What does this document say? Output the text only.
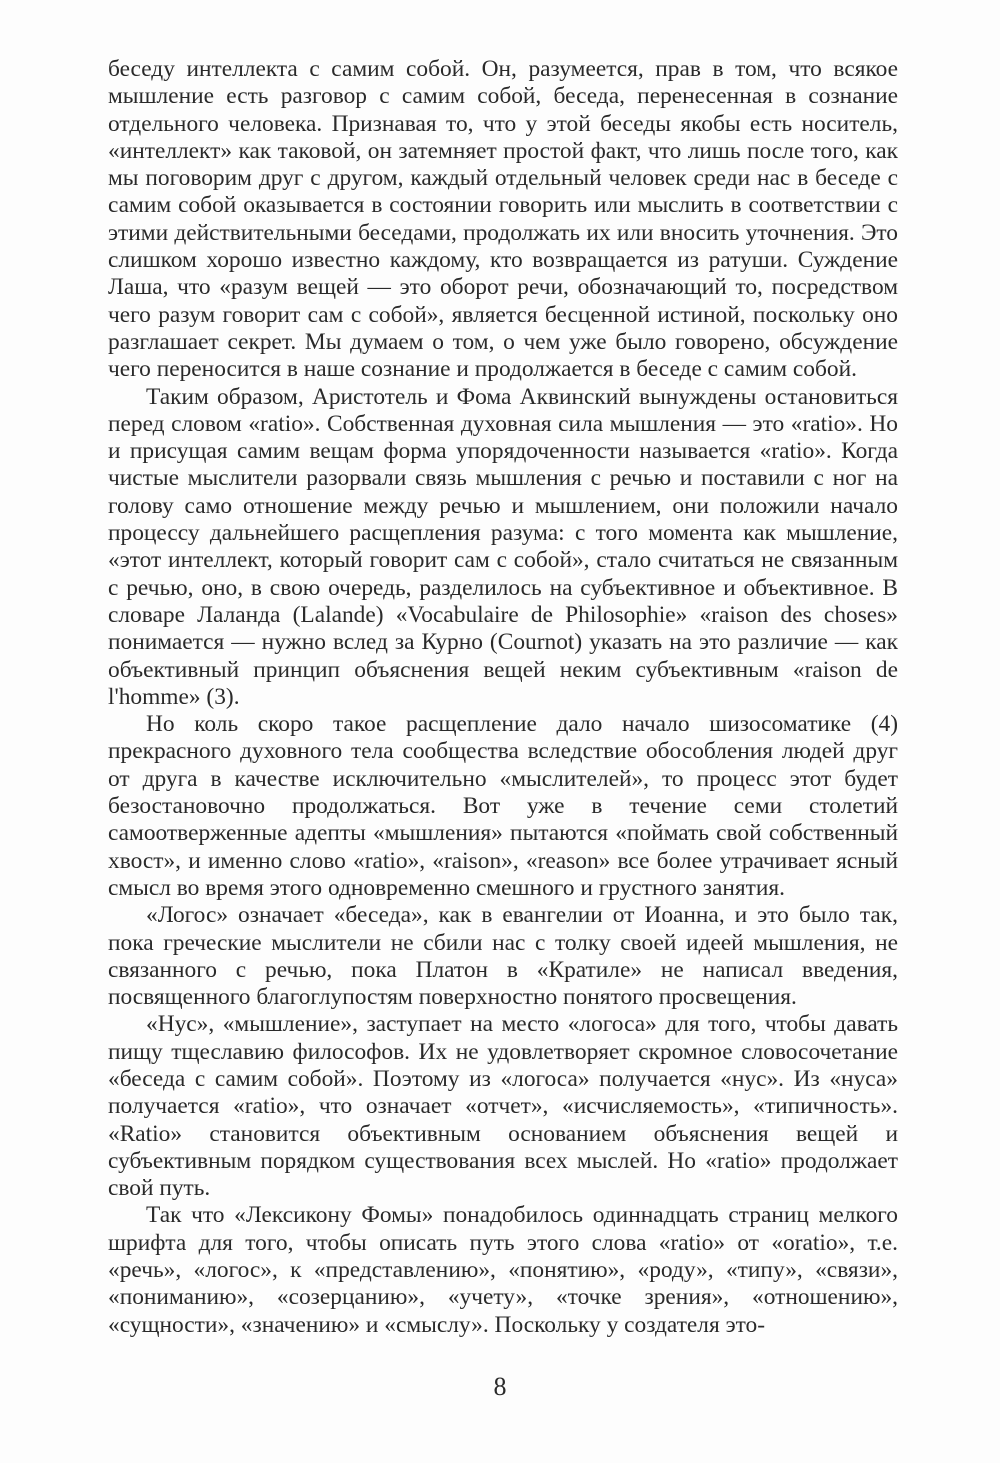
беседу интеллекта с самим собой. Он, разумеется, прав в том, что всякое мышление есть разговор с самим собой, беседа, перенесенная в сознание отдельного человека. Признавая то, что у этой беседы якобы есть носитель, «интеллект» как таковой, он затемняет простой факт, что лишь после того, как мы поговорим друг с другом, каждый отдельный человек среди нас в беседе с самим собой оказывается в состоянии говорить или мыслить в соответствии с этими действительными беседами, продолжать их или вносить уточнения. Это слишком хорошо известно каждому, кто возвращается из ратуши. Суждение Лаша, что «разум вещей — это оборот речи, обозначающий то, посредством чего разум говорит сам с собой», является бесценной истиной, поскольку оно разглашает секрет. Мы думаем о том, о чем уже было говорено, обсуждение чего переносится в наше сознание и продолжается в беседе с самим собой.

Таким образом, Аристотель и Фома Аквинский вынуждены остановиться перед словом «ratio». Собственная духовная сила мышления — это «ratio». Но и присущая самим вещам форма упорядоченности называется «ratio». Когда чистые мыслители разорвали связь мышления с речью и поставили с ног на голову само отношение между речью и мышлением, они положили начало процессу дальнейшего расщепления разума: с того момента как мышление, «этот интеллект, который говорит сам с собой», стало считаться не связанным с речью, оно, в свою очередь, разделилось на субъективное и объективное. В словаре Лаланда (Lalande) «Vocabulaire de Philosophie» «raison des choses» понимается — нужно вслед за Курно (Cournot) указать на это различие — как объективный принцип объяснения вещей неким субъективным «raison de l'homme» (3).

Но коль скоро такое расщепление дало начало шизосоматике (4) прекрасного духовного тела сообщества вследствие обособления людей друг от друга в качестве исключительно «мыслителей», то процесс этот будет безостановочно продолжаться. Вот уже в течение семи столетий самоотверженные адепты «мышления» пытаются «поймать свой собственный хвост», и именно слово «ratio», «raison», «reason» все более утрачивает ясный смысл во время этого одновременно смешного и грустного занятия.

«Логос» означает «беседа», как в евангелии от Иоанна, и это было так, пока греческие мыслители не сбили нас с толку своей идеей мышления, не связанного с речью, пока Платон в «Кратиле» не написал введения, посвященного благоглупостям поверхностно понятого просвещения.

«Нус», «мышление», заступает на место «логоса» для того, чтобы давать пищу тщеславию философов. Их не удовлетворяет скромное словосочетание «беседа с самим собой». Поэтому из «логоса» получается «нус». Из «нуса» получается «ratio», что означает «отчет», «исчисляемость», «типичность». «Ratio» становится объективным основанием объяснения вещей и субъективным порядком существования всех мыслей. Но «ratio» продолжает свой путь.

Так что «Лексикону Фомы» понадобилось одиннадцать страниц мелкого шрифта для того, чтобы описать путь этого слова «ratio» от «oratio», т.е. «речь», «логос», к «представлению», «понятию», «роду», «типу», «связи», «пониманию», «созерцанию», «учету», «точке зрения», «отношению», «сущности», «значению» и «смыслу». Поскольку у создателя это-

8
